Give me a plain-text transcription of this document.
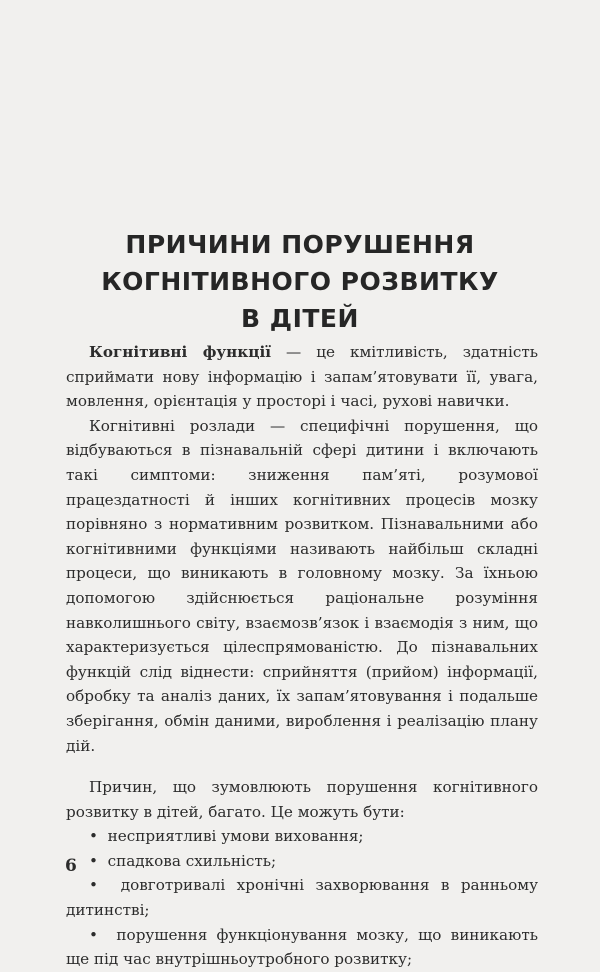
ПРИЧИНИ ПОРУШЕННЯ
КОГНІТИВНОГО РОЗВИТКУ
В ДІТЕЙ

Когнітивні функції — це кмітливість, здатність сприймати нову інформацію і запам’ятовувати її, увага, мовлення, орієнтація у просторі і часі, рухові навички.

Когнітивні розлади — специфічні порушення, що відбуваються в пізнавальній сфері дитини і включають такі симптоми: зниження пам’яті, розумової працездатності й інших когнітивних процесів мозку порівняно з нормативним розвитком. Пізнавальними або когнітивними функціями називають найбільш складні процеси, що виникають в головному мозку. За їхньою допомогою здійснюється раціональне розуміння навколишнього світу, взаємозв’язок і взаємодія з ним, що характеризується цілеспрямованістю. До пізнавальних функцій слід віднести: сприйняття (прийом) інформації, обробку та аналіз даних, їх запам’ятовування і подальше зберігання, обмін даними, вироблення і реалізацію плану дій.

Причин, що зумовлюють порушення когнітивного розвитку в дітей, багато. Це можуть бути:

•  несприятливі умови виховання;
•  спадкова схильність;
•  довготривалі хронічні захворювання в ранньому дитинстві;
•  порушення функціонування мозку, що виникають ще під час внутрішньоутробного розвитку;
6
